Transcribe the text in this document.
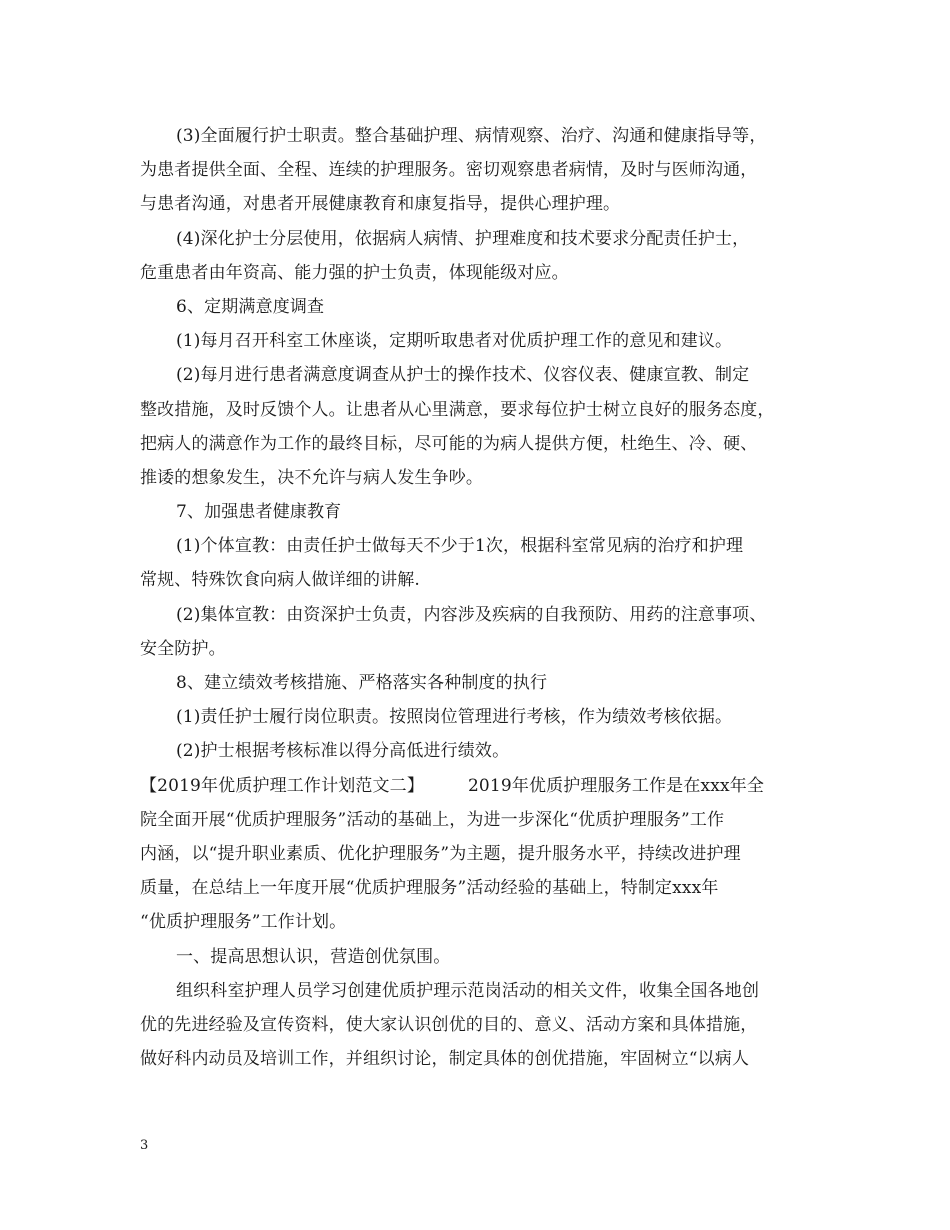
(3)全面履行护士职责。整合基础护理、病情观察、治疗、沟通和健康指导等，
为患者提供全面、全程、连续的护理服务。密切观察患者病情，及时与医师沟通，
与患者沟通，对患者开展健康教育和康复指导，提供心理护理。
(4)深化护士分层使用，依据病人病情、护理难度和技术要求分配责任护士，
危重患者由年资高、能力强的护士负责，体现能级对应。
6、定期满意度调查
(1)每月召开科室工休座谈，定期听取患者对优质护理工作的意见和建议。
(2)每月进行患者满意度调查从护士的操作技术、仪容仪表、健康宣教、制定
整改措施，及时反馈个人。让患者从心里满意，要求每位护士树立良好的服务态度，
把病人的满意作为工作的最终目标，尽可能的为病人提供方便，杜绝生、冷、硬、
推诿的想象发生，决不允许与病人发生争吵。
7、加强患者健康教育
(1)个体宣教：由责任护士做每天不少于1次，根据科室常见病的治疗和护理
常规、特殊饮食向病人做详细的讲解.
(2)集体宣教：由资深护士负责，内容涉及疾病的自我预防、用药的注意事项、
安全防护。
8、建立绩效考核措施、严格落实各种制度的执行
(1)责任护士履行岗位职责。按照岗位管理进行考核，作为绩效考核依据。
(2)护士根据考核标准以得分高低进行绩效。
【2019年优质护理工作计划范文二】	2019年优质护理服务工作是在xxx年全
院全面开展“优质护理服务”活动的基础上，为进一步深化“优质护理服务”工作
内涵，以“提升职业素质、优化护理服务”为主题，提升服务水平，持续改进护理
质量，在总结上一年度开展“优质护理服务”活动经验的基础上，特制定xxx年
“优质护理服务”工作计划。
一、提高思想认识，营造创优氛围。
组织科室护理人员学习创建优质护理示范岗活动的相关文件，收集全国各地创
优的先进经验及宣传资料，使大家认识创优的目的、意义、活动方案和具体措施，
做好科内动员及培训工作，并组织讨论，制定具体的创优措施，牢固树立“以病人
3
